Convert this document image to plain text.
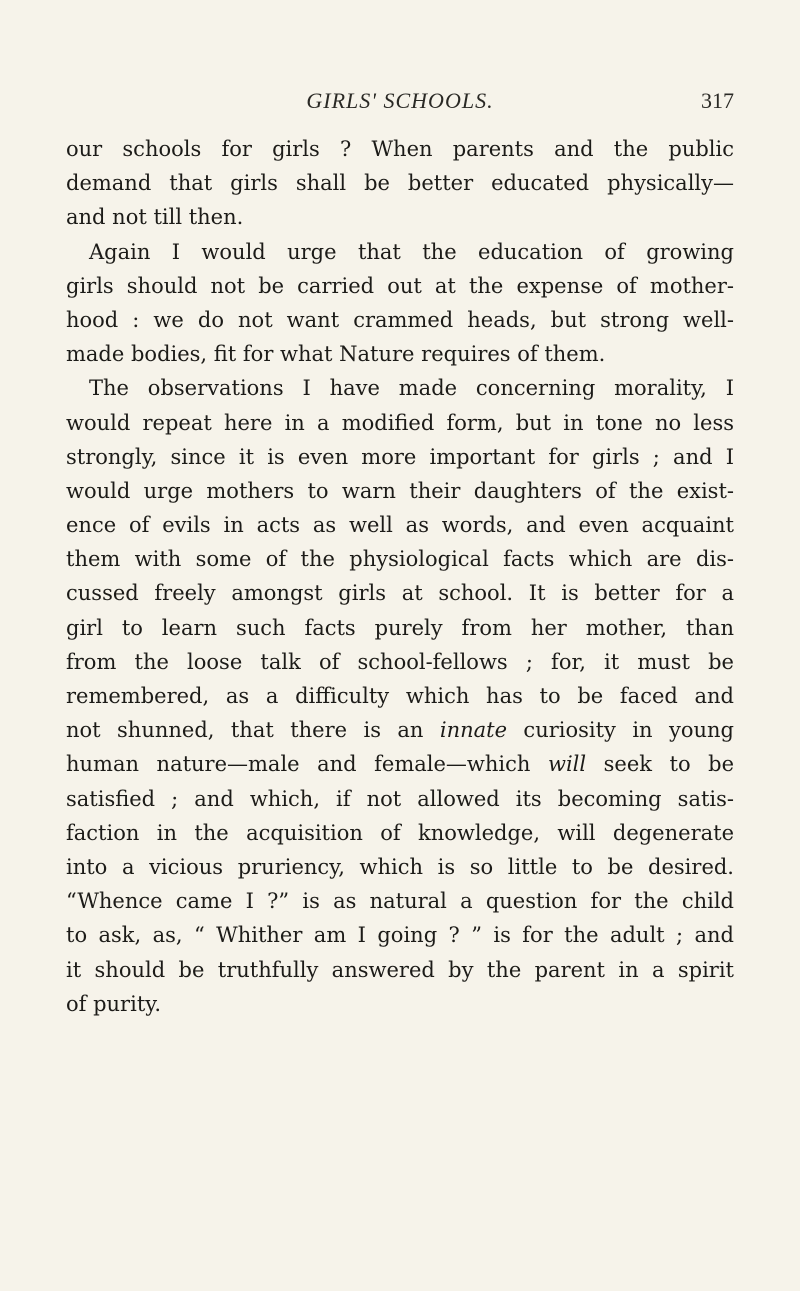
GIRLS' SCHOOLS.	317
our schools for girls ? When parents and the public
demand that girls shall be better educated physically—
and not till then.
Again I would urge that the education of growing
girls should not be carried out at the expense of mother-
hood : we do not want crammed heads, but strong well-
made bodies, fit for what Nature requires of them.
The observations I have made concerning morality, I
would repeat here in a modified form, but in tone no less
strongly, since it is even more important for girls ; and I
would urge mothers to warn their daughters of the exist-
ence of evils in acts as well as words, and even acquaint
them with some of the physiological facts which are dis-
cussed freely amongst girls at school. It is better for a
girl to learn such facts purely from her mother, than
from the loose talk of school-fellows ; for, it must be
remembered, as a difficulty which has to be faced and
not shunned, that there is an innate curiosity in young
human nature—male and female—which will seek to be
satisfied ; and which, if not allowed its becoming satis-
faction in the acquisition of knowledge, will degenerate
into a vicious pruriency, which is so little to be desired.
“Whence came I ?” is as natural a question for the child
to ask, as, “ Whither am I going ? ” is for the adult ; and
it should be truthfully answered by the parent in a spirit
of purity.
